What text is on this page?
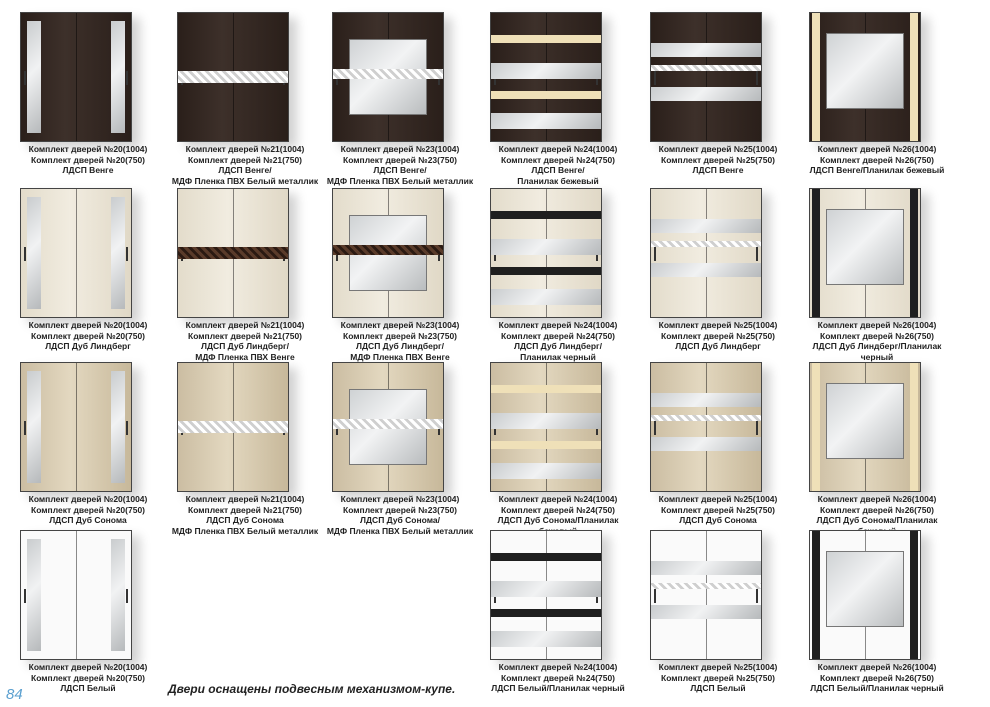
Комплект дверей №20(1004)
Комплект дверей №20(750)
ЛДСП Венге
Комплект дверей №21(1004)
Комплект дверей №21(750)
ЛДСП Венге/
МДФ Пленка ПВХ Белый металлик
Комплект дверей №23(1004)
Комплект дверей №23(750)
ЛДСП Венге/
МДФ Пленка ПВХ Белый металлик
Комплект дверей №24(1004)
Комплект дверей №24(750)
ЛДСП Венге/
Планилак бежевый
Комплект дверей №25(1004)
Комплект дверей №25(750)
ЛДСП Венге
Комплект дверей №26(1004)
Комплект дверей №26(750)
ЛДСП Венге/Планилак бежевый
Комплект дверей №20(1004)
Комплект дверей №20(750)
ЛДСП Дуб Линдберг
Комплект дверей №21(1004)
Комплект дверей №21(750)
ЛДСП Дуб Линдберг/
МДФ Пленка ПВХ Венге
Комплект дверей №23(1004)
Комплект дверей №23(750)
ЛДСП Дуб Линдберг/
МДФ Пленка ПВХ Венге
Комплект дверей №24(1004)
Комплект дверей №24(750)
ЛДСП Дуб Линдберг/
Планилак черный
Комплект дверей №25(1004)
Комплект дверей №25(750)
ЛДСП Дуб Линдберг
Комплект дверей №26(1004)
Комплект дверей №26(750)
ЛДСП Дуб Линдберг/Планилак черный
Комплект дверей №20(1004)
Комплект дверей №20(750)
ЛДСП Дуб Сонома
Комплект дверей №21(1004)
Комплект дверей №21(750)
ЛДСП Дуб Сонома
МДФ Пленка ПВХ Белый металлик
Комплект дверей №23(1004)
Комплект дверей №23(750)
ЛДСП Дуб Сонома/
МДФ Пленка ПВХ Белый металлик
Комплект дверей №24(1004)
Комплект дверей №24(750)
ЛДСП Дуб Сонома/Планилак
Комплект дверей №25(1004)
Комплект дверей №25(750)
ЛДСП Дуб Сонома
Комплект дверей №26(1004)
Комплект дверей №26(750)
ЛДСП Дуб Сонома/Планилак
Комплект дверей №20(1004)
Комплект дверей №20(750)
ЛДСП Белый
Комплект дверей №24(1004)
Комплект дверей №24(750)
ЛДСП Белый/Планилак черный
Комплект дверей №25(1004)
Комплект дверей №25(750)
ЛДСП Белый
Комплект дверей №26(1004)
Комплект дверей №26(750)
ЛДСП Белый/Планилак черный
84	Двери оснащены подвесным механизмом-купе.
